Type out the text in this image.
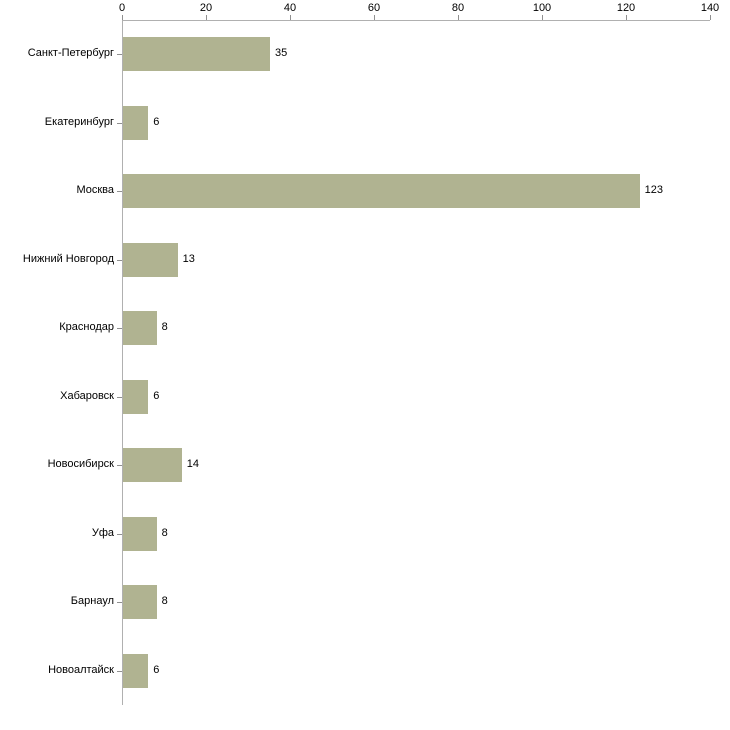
0	20	40	60	80	100	120	140
Санкт-Петербург	35
Екатеринбург	6
Москва	123
Нижний Новгород	13
Краснодар	8
Хабаровск	6
Новосибирск	14
Уфа	8
Барнаул	8
Новоалтайск	6
